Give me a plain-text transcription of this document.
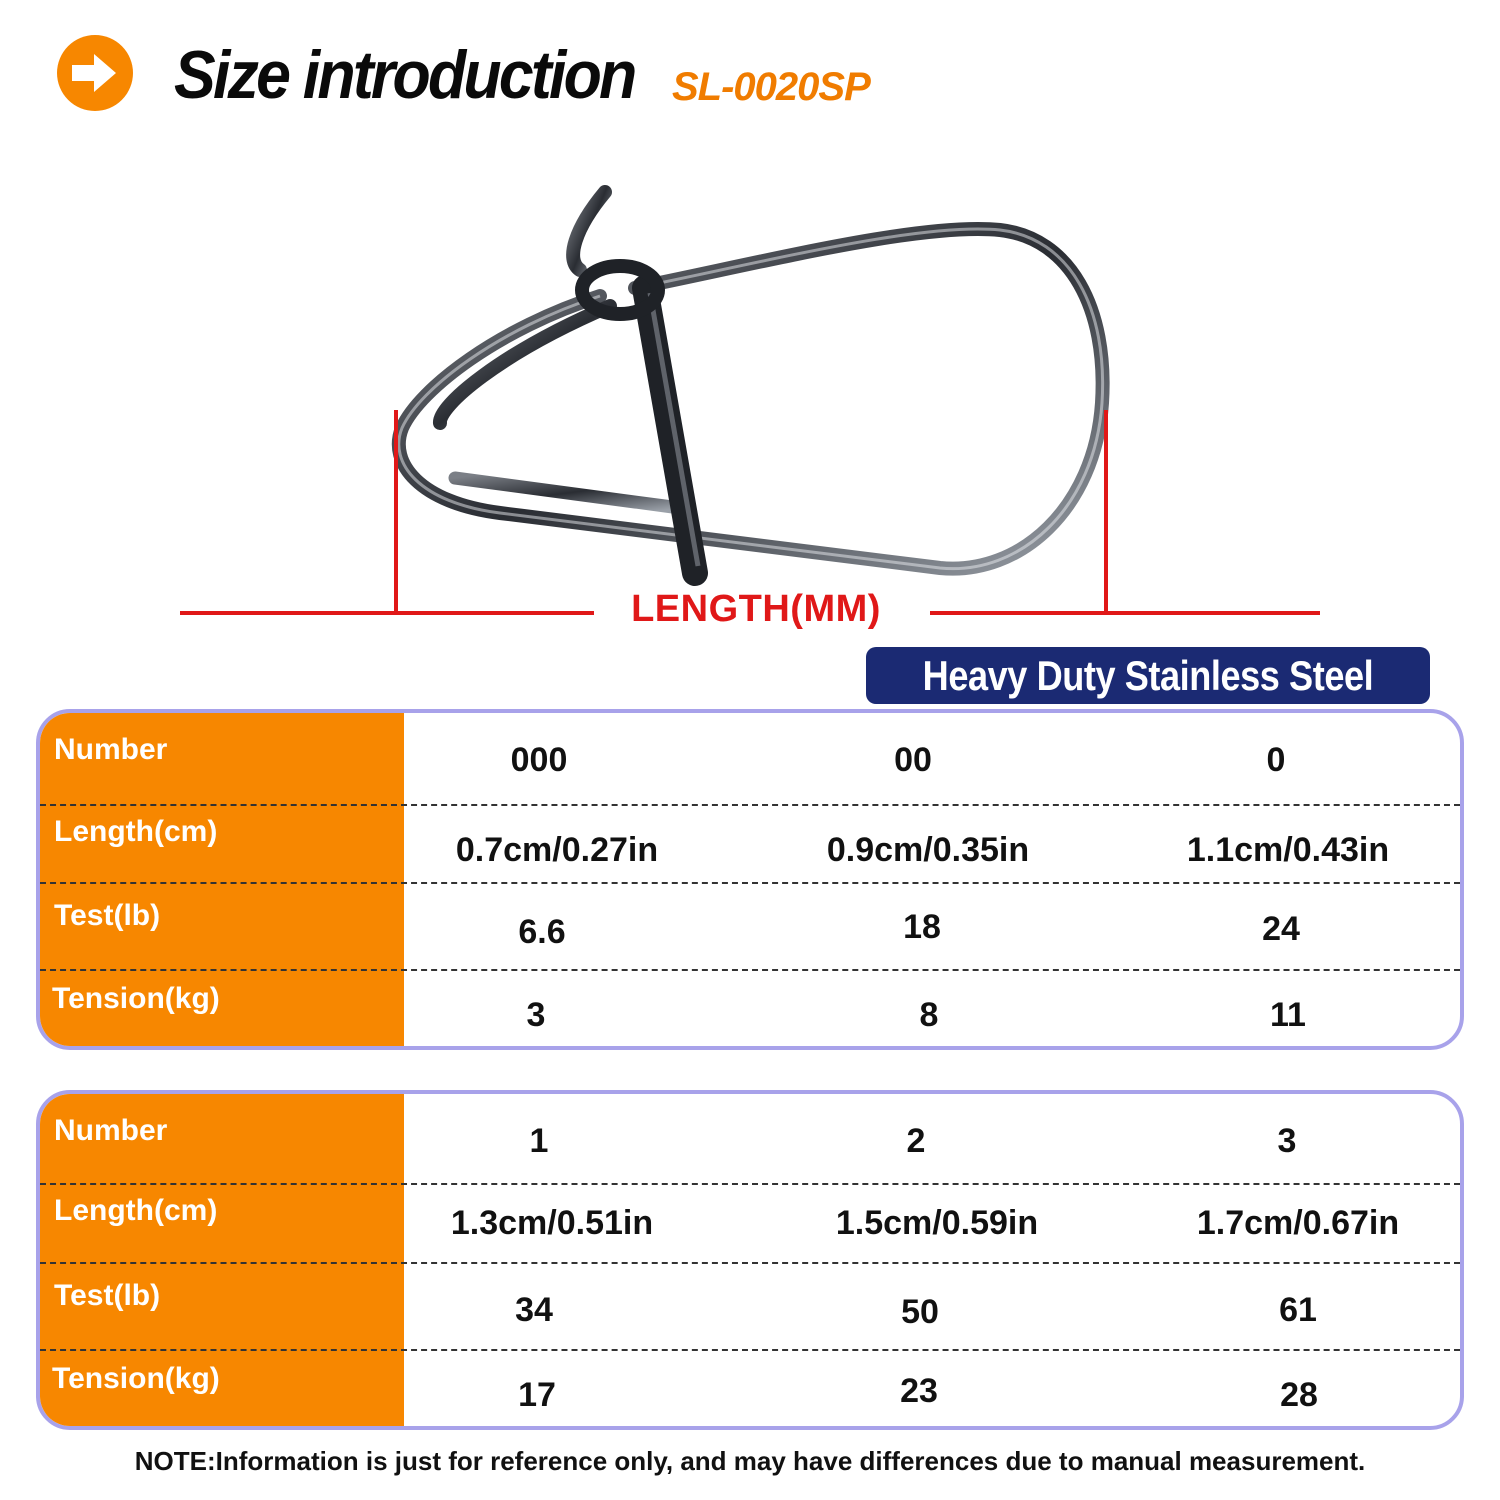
Size introduction SL-0020SP
LENGTH(MM)
Heavy Duty Stainless Steel
Number	000	00	0
Length(cm)	0.7cm/0.27in	0.9cm/0.35in	1.1cm/0.43in
Test(lb)	6.6	18	24
Tension(kg)	3	8	11
Number	1	2	3
Length(cm)	1.3cm/0.51in	1.5cm/0.59in	1.7cm/0.67in
Test(lb)	34	50	61
Tension(kg)	17	23	28
NOTE:Information is just for reference only, and may have differences due to manual measurement.
